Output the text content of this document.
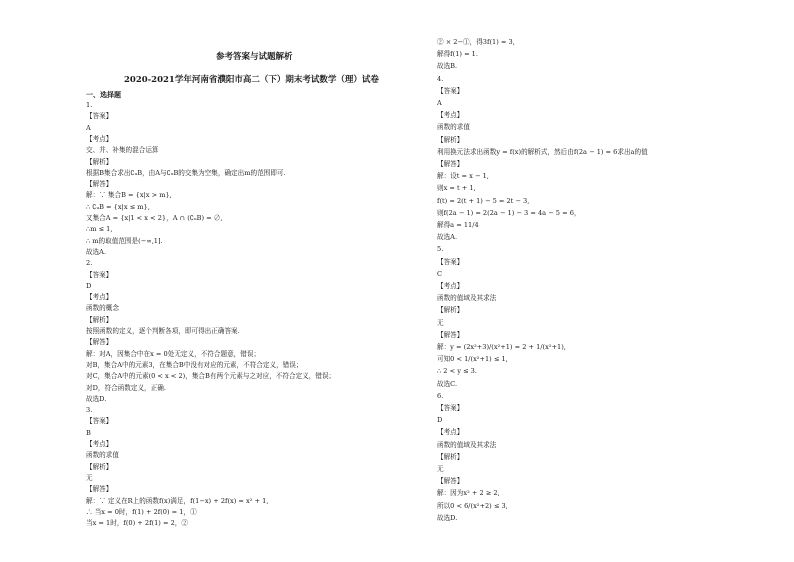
参考答案与试题解析
2020-2021学年河南省濮阳市高二（下）期末考试数学（理）试卷
一、选择题
1.
【答案】
A
【考点】
交、并、补集的混合运算
【解析】
根据B集合求出∁ᵤB，由A与∁ᵤB的交集为空集，确定出m的范围即可.
【解答】
解：∵ 集合B = {x|x > m},
∴ ∁ᵤB = {x|x ≤ m},
又集合A = {x|1 < x < 2}，A ∩ (∁ᵤB) = ∅,
∴m ≤ 1,
∴ m的取值范围是(−∞,1].
故选A.
2.
【答案】
D
【考点】
函数的概念
【解析】
按照函数的定义，逐个判断各项，即可得出正确答案.
【解答】
解：对A，因集合中在x = 0处无定义，不符合题意，错误；
对B，集合A中的元素3，在集合B中没有对应的元素，不符合定义，错误；
对C，集合A中的元素(0 < x < 2)，集合B有两个元素与之对应，不符合定义，错误；
对D，符合函数定义，正确.
故选D.
3.
【答案】
B
【考点】
函数的求值
【解析】
无
【解答】
解：∵ 定义在R上的函数f(x)满足，f(1−x) + 2f(x) = x² + 1,
∴ 当x = 0时，f(1) + 2f(0) = 1，①
当x = 1时，f(0) + 2f(1) = 2，②
② × 2−①，得3f(1) = 3,
解得f(1) = 1.
故选B.
4.
【答案】
A
【考点】
函数的求值
【解析】
利用换元法求出函数y = f(x)的解析式，然后由f(2a − 1) = 6求出a的值
【解答】
解：设t = x − 1,
则x = t + 1,
f(t) = 2(t + 1) − 5 = 2t − 3,
则f(2a − 1) = 2(2a − 1) − 3 = 4a − 5 = 6，
解得a = 11/4
故选A.
5.
【答案】
C
【考点】
函数的值域及其求法
【解析】
无
【解答】
解：y = (2x²+3)/(x²+1) = 2 + 1/(x²+1),
可知0 < 1/(x²+1) ≤ 1,
∴ 2 < y ≤ 3.
故选C.
6.
【答案】
D
【考点】
函数的值域及其求法
【解析】
无
【解答】
解：因为x² + 2 ≥ 2,
所以0 < 6/(x²+2) ≤ 3,
故选D.
